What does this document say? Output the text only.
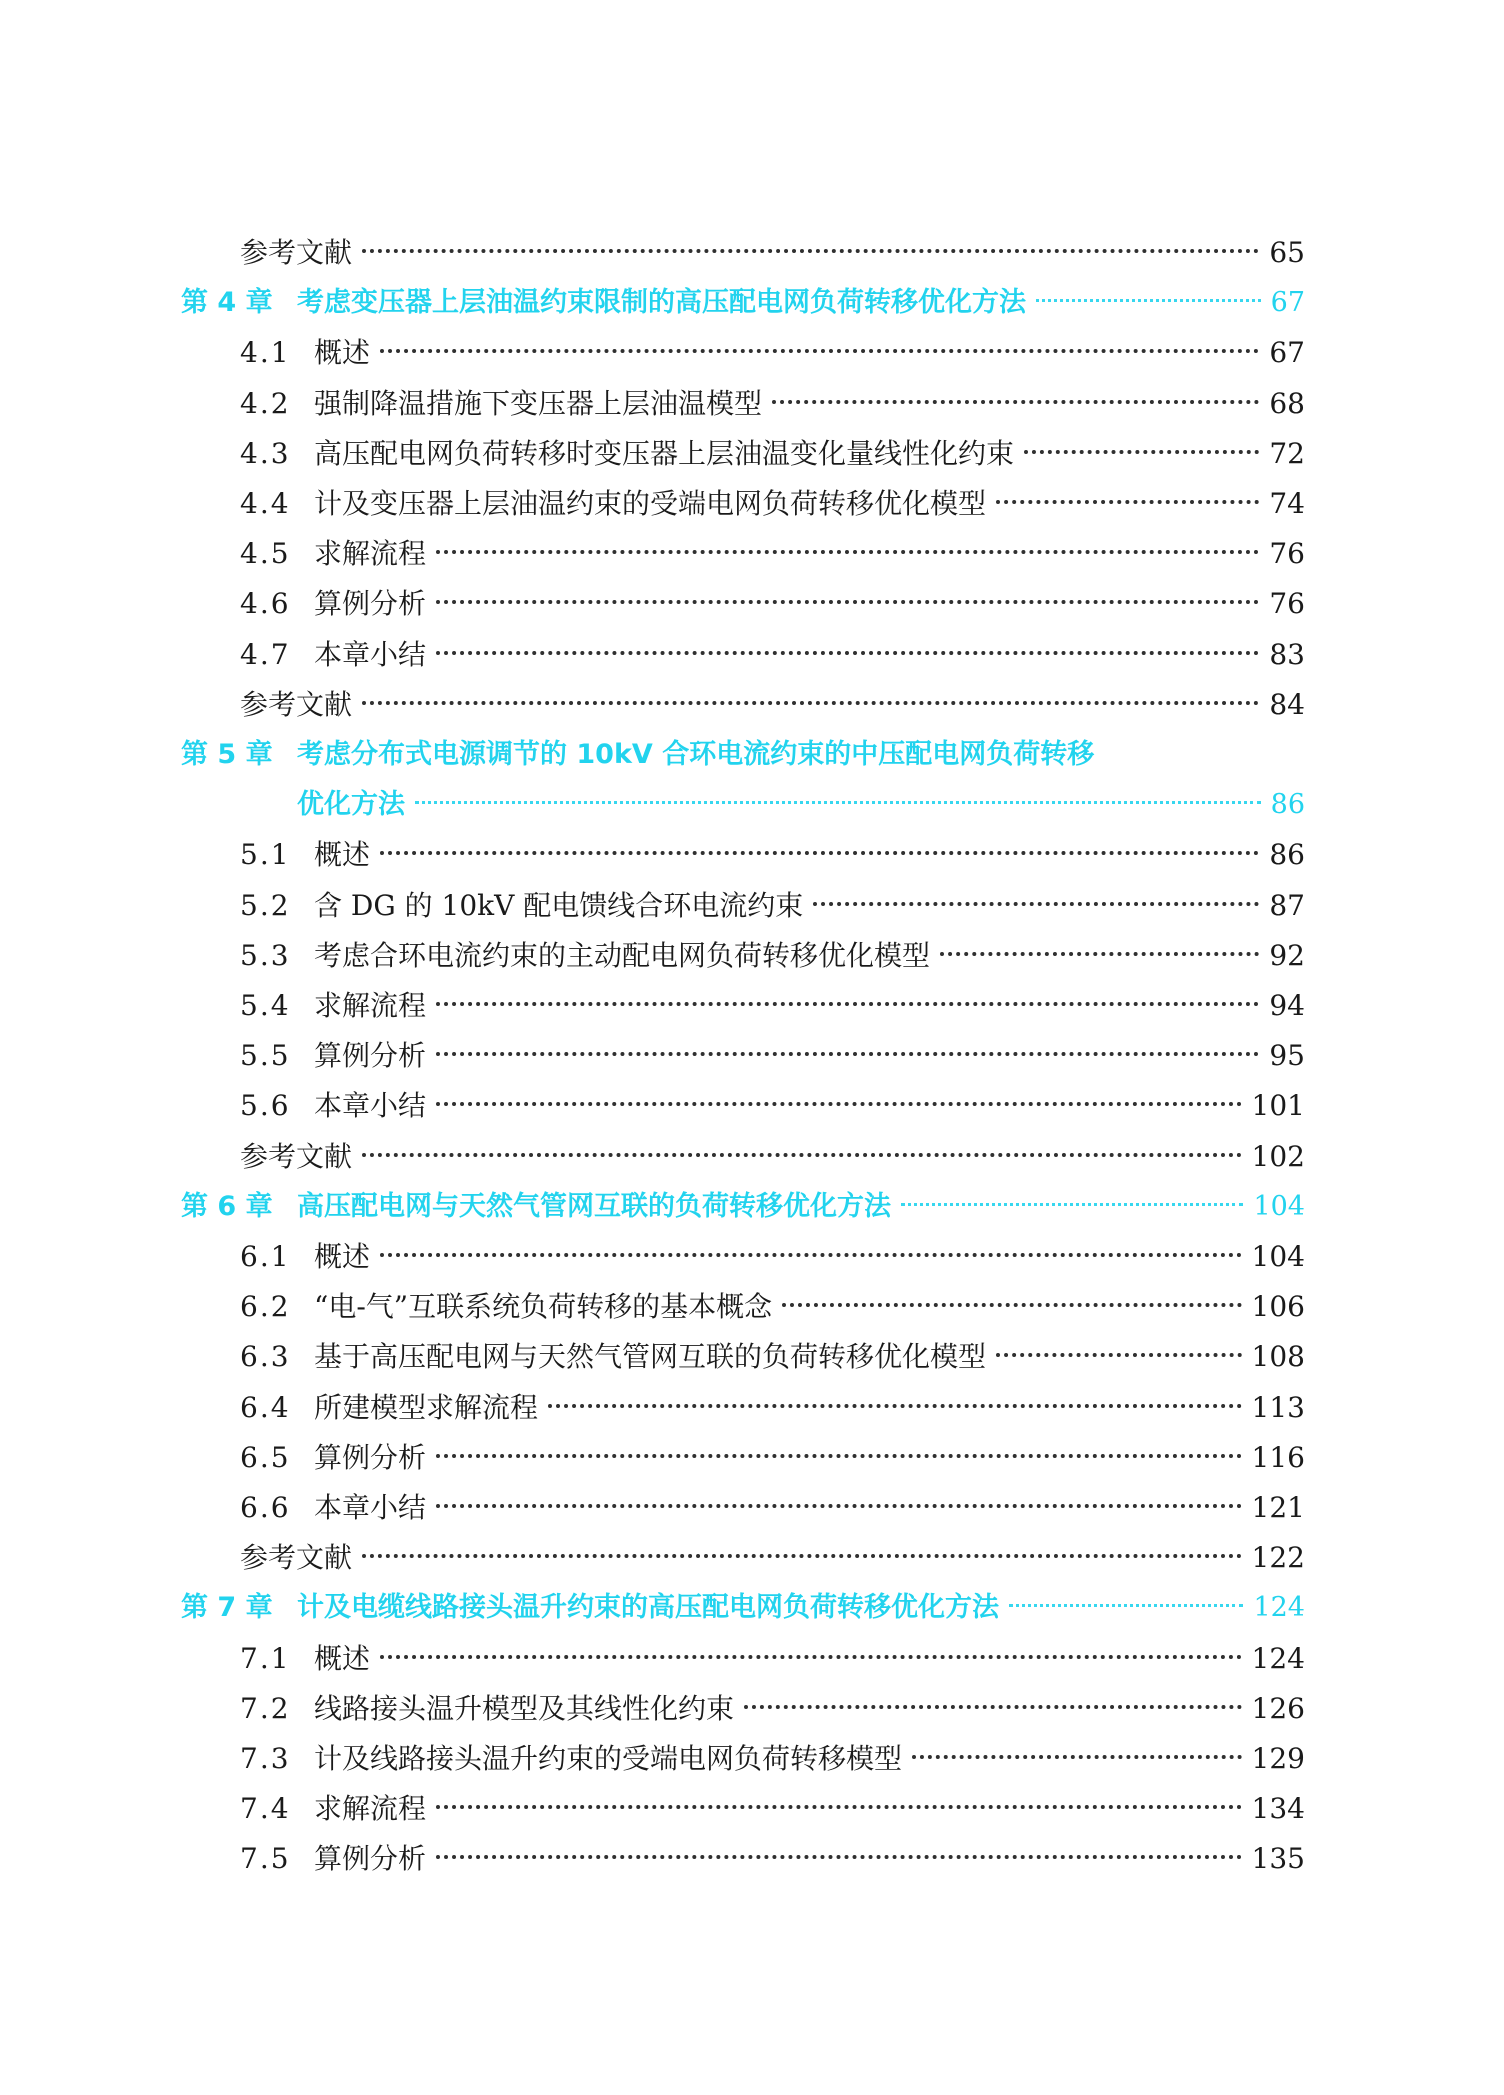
参考文献	65
第 4 章 考虑变压器上层油温约束限制的高压配电网负荷转移优化方法	67
4.1 概述	67
4.2 强制降温措施下变压器上层油温模型	68
4.3 高压配电网负荷转移时变压器上层油温变化量线性化约束	72
4.4 计及变压器上层油温约束的受端电网负荷转移优化模型	74
4.5 求解流程	76
4.6 算例分析	76
4.7 本章小结	83
参考文献	84
第 5 章 考虑分布式电源调节的 10kV 合环电流约束的中压配电网负荷转移
优化方法	86
5.1 概述	86
5.2 含 DG 的 10kV 配电馈线合环电流约束	87
5.3 考虑合环电流约束的主动配电网负荷转移优化模型	92
5.4 求解流程	94
5.5 算例分析	95
5.6 本章小结	101
参考文献	102
第 6 章 高压配电网与天然气管网互联的负荷转移优化方法	104
6.1 概述	104
6.2 “电-气”互联系统负荷转移的基本概念	106
6.3 基于高压配电网与天然气管网互联的负荷转移优化模型	108
6.4 所建模型求解流程	113
6.5 算例分析	116
6.6 本章小结	121
参考文献	122
第 7 章 计及电缆线路接头温升约束的高压配电网负荷转移优化方法	124
7.1 概述	124
7.2 线路接头温升模型及其线性化约束	126
7.3 计及线路接头温升约束的受端电网负荷转移模型	129
7.4 求解流程	134
7.5 算例分析	135
